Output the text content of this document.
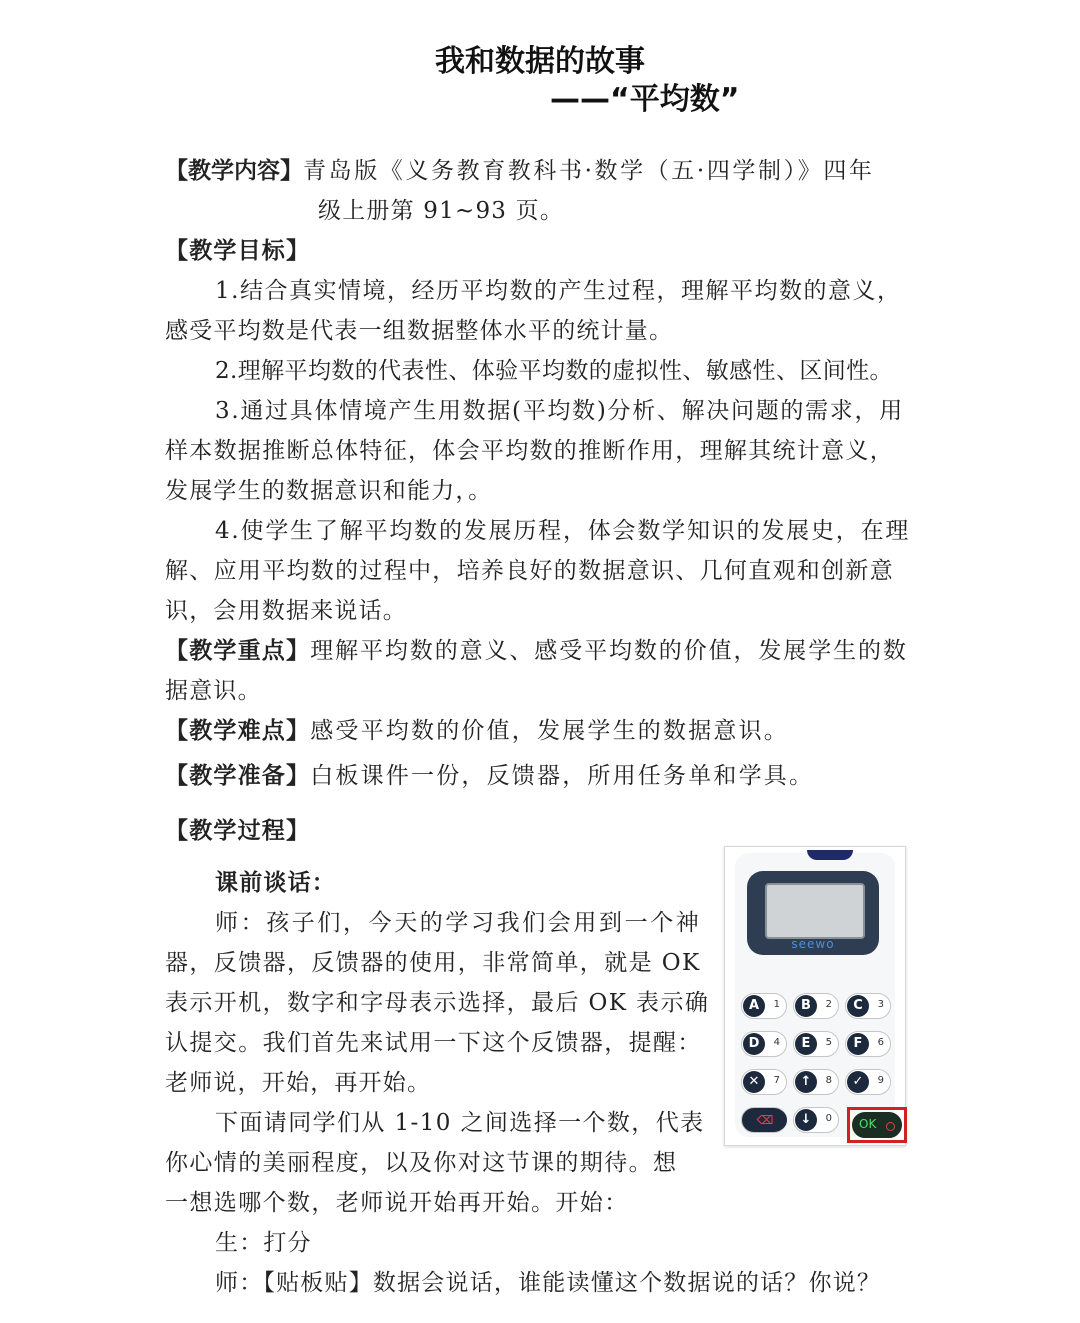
我和数据的故事
——“平均数”
【教学内容】 青岛版《义务教育教科书·数学（五·四学制）》四年
级上册第 91~93 页。
【教学目标】
1.结合真实情境，经历平均数的产生过程，理解平均数的意义，
感受平均数是代表一组数据整体水平的统计量。
2.理解平均数的代表性、体验平均数的虚拟性、敏感性、区间性。
3.通过具体情境产生用数据(平均数)分析、解决问题的需求，用
样本数据推断总体特征，体会平均数的推断作用，理解其统计意义，
发展学生的数据意识和能力，。
4.使学生了解平均数的发展历程，体会数学知识的发展史，在理
解、应用平均数的过程中，培养良好的数据意识、几何直观和创新意
识，会用数据来说话。
【教学重点】理解平均数的意义、感受平均数的价值，发展学生的数
据意识。
【教学难点】感受平均数的价值，发展学生的数据意识。
【教学准备】白板课件一份，反馈器，所用任务单和学具。
【教学过程】
课前谈话：
师：孩子们，今天的学习我们会用到一个神
器，反馈器，反馈器的使用，非常简单，就是 OK
表示开机，数字和字母表示选择，最后 OK 表示确
认提交。我们首先来试用一下这个反馈器，提醒：
老师说，开始，再开始。
下面请同学们从 1-10 之间选择一个数，代表
你心情的美丽程度，以及你对这节课的期待。想
一想选哪个数，老师说开始再开始。开始：
生：打分
师：【贴板贴】数据会说话，谁能读懂这个数据说的话？你说？
seewo
A	1	B	2	C	3
D	4	E	5	F	6
✕	7	↑	8	✓	9
⌫	↓	0 OK
